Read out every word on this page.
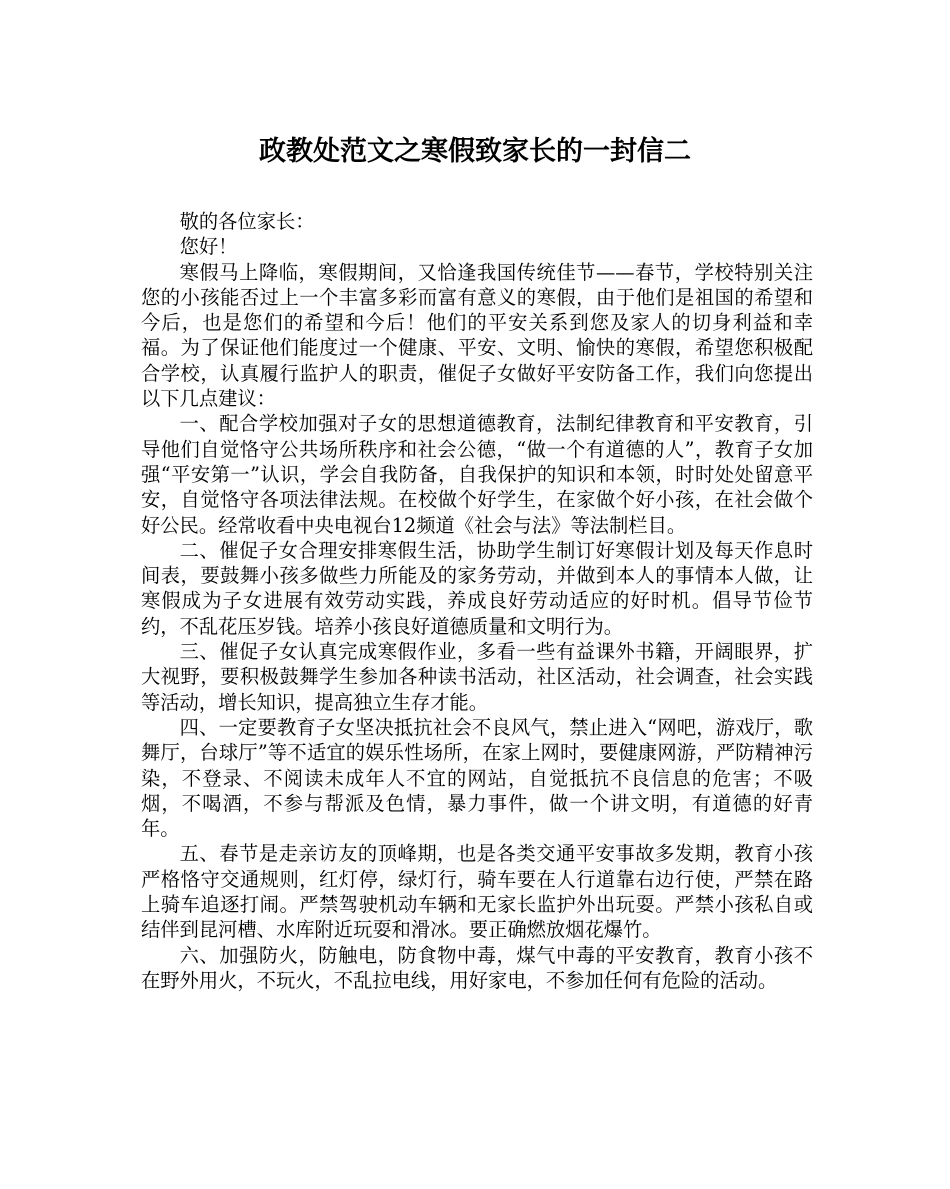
政教处范文之寒假致家长的一封信二

敬的各位家长：

您好！

寒假马上降临，寒假期间，又恰逢我国传统佳节——春节，学校特别关注您的小孩能否过上一个丰富多彩而富有意义的寒假，由于他们是祖国的希望和今后，也是您们的希望和今后！他们的平安关系到您及家人的切身利益和幸福。为了保证他们能度过一个健康、平安、文明、愉快的寒假，希望您积极配合学校，认真履行监护人的职责，催促子女做好平安防备工作，我们向您提出以下几点建议：

一、配合学校加强对子女的思想道德教育，法制纪律教育和平安教育，引导他们自觉恪守公共场所秩序和社会公德，“做一个有道德的人”，教育子女加强“平安第一”认识，学会自我防备，自我保护的知识和本领，时时处处留意平安，自觉恪守各项法律法规。在校做个好学生，在家做个好小孩，在社会做个好公民。经常收看中央电视台12频道《社会与法》等法制栏目。

二、催促子女合理安排寒假生活，协助学生制订好寒假计划及每天作息时间表，要鼓舞小孩多做些力所能及的家务劳动，并做到本人的事情本人做，让寒假成为子女进展有效劳动实践，养成良好劳动适应的好时机。倡导节俭节约，不乱花压岁钱。培养小孩良好道德质量和文明行为。

三、催促子女认真完成寒假作业，多看一些有益课外书籍，开阔眼界，扩大视野，要积极鼓舞学生参加各种读书活动，社区活动，社会调查，社会实践等活动，增长知识，提高独立生存才能。

四、一定要教育子女坚决抵抗社会不良风气，禁止进入“网吧，游戏厅，歌舞厅，台球厅”等不适宜的娱乐性场所，在家上网时，要健康网游，严防精神污染，不登录、不阅读未成年人不宜的网站，自觉抵抗不良信息的危害；不吸烟，不喝酒，不参与帮派及色情，暴力事件，做一个讲文明，有道德的好青年。

五、春节是走亲访友的顶峰期，也是各类交通平安事故多发期，教育小孩严格恪守交通规则，红灯停，绿灯行，骑车要在人行道靠右边行使，严禁在路上骑车追逐打闹。严禁驾驶机动车辆和无家长监护外出玩耍。严禁小孩私自或结伴到昆河槽、水库附近玩耍和滑冰。要正确燃放烟花爆竹。

六、加强防火，防触电，防食物中毒，煤气中毒的平安教育，教育小孩不在野外用火，不玩火，不乱拉电线，用好家电，不参加任何有危险的活动。
